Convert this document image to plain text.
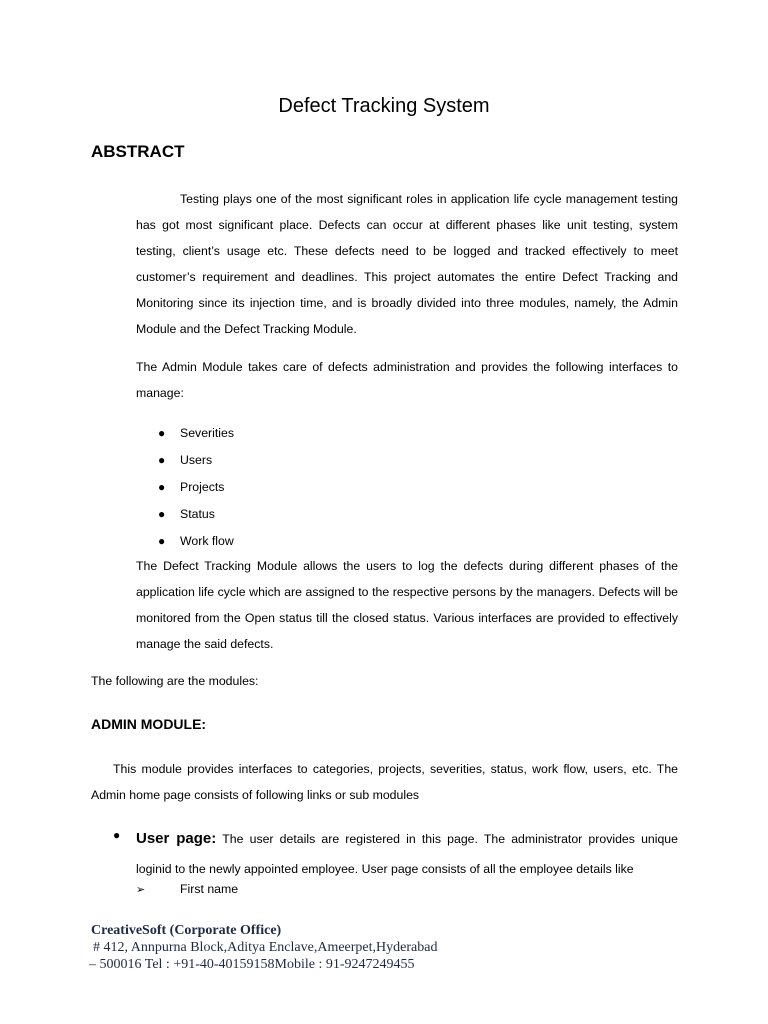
Defect Tracking System
ABSTRACT
Testing plays one of the most significant roles in application life cycle management testing has got most significant place. Defects can occur at different phases like unit testing, system testing, client’s usage etc. These defects need to be logged and tracked effectively to meet customer’s requirement and deadlines. This project automates the entire Defect Tracking and Monitoring since its injection time, and is broadly divided into three modules, namely, the Admin Module and the Defect Tracking Module.
The Admin Module takes care of defects administration and provides the following interfaces to manage:
● Severities
● Users
● Projects
● Status
● Work flow
The Defect Tracking Module allows the users to log the defects during different phases of the application life cycle which are assigned to the respective persons by the managers. Defects will be monitored from the Open status till the closed status. Various interfaces are provided to effectively manage the said defects.
The following are the modules:
ADMIN MODULE:
This module provides interfaces to categories, projects, severities, status, work flow, users, etc. The Admin home page consists of following links or sub modules
● User page: The user details are registered in this page. The administrator provides unique loginid to the newly appointed employee. User page consists of all the employee details like
➢	First name
CreativeSoft (Corporate Office)
# 412, Annpurna Block,Aditya Enclave,Ameerpet,Hyderabad
– 500016 Tel : +91-40-40159158Mobile : 91-9247249455
